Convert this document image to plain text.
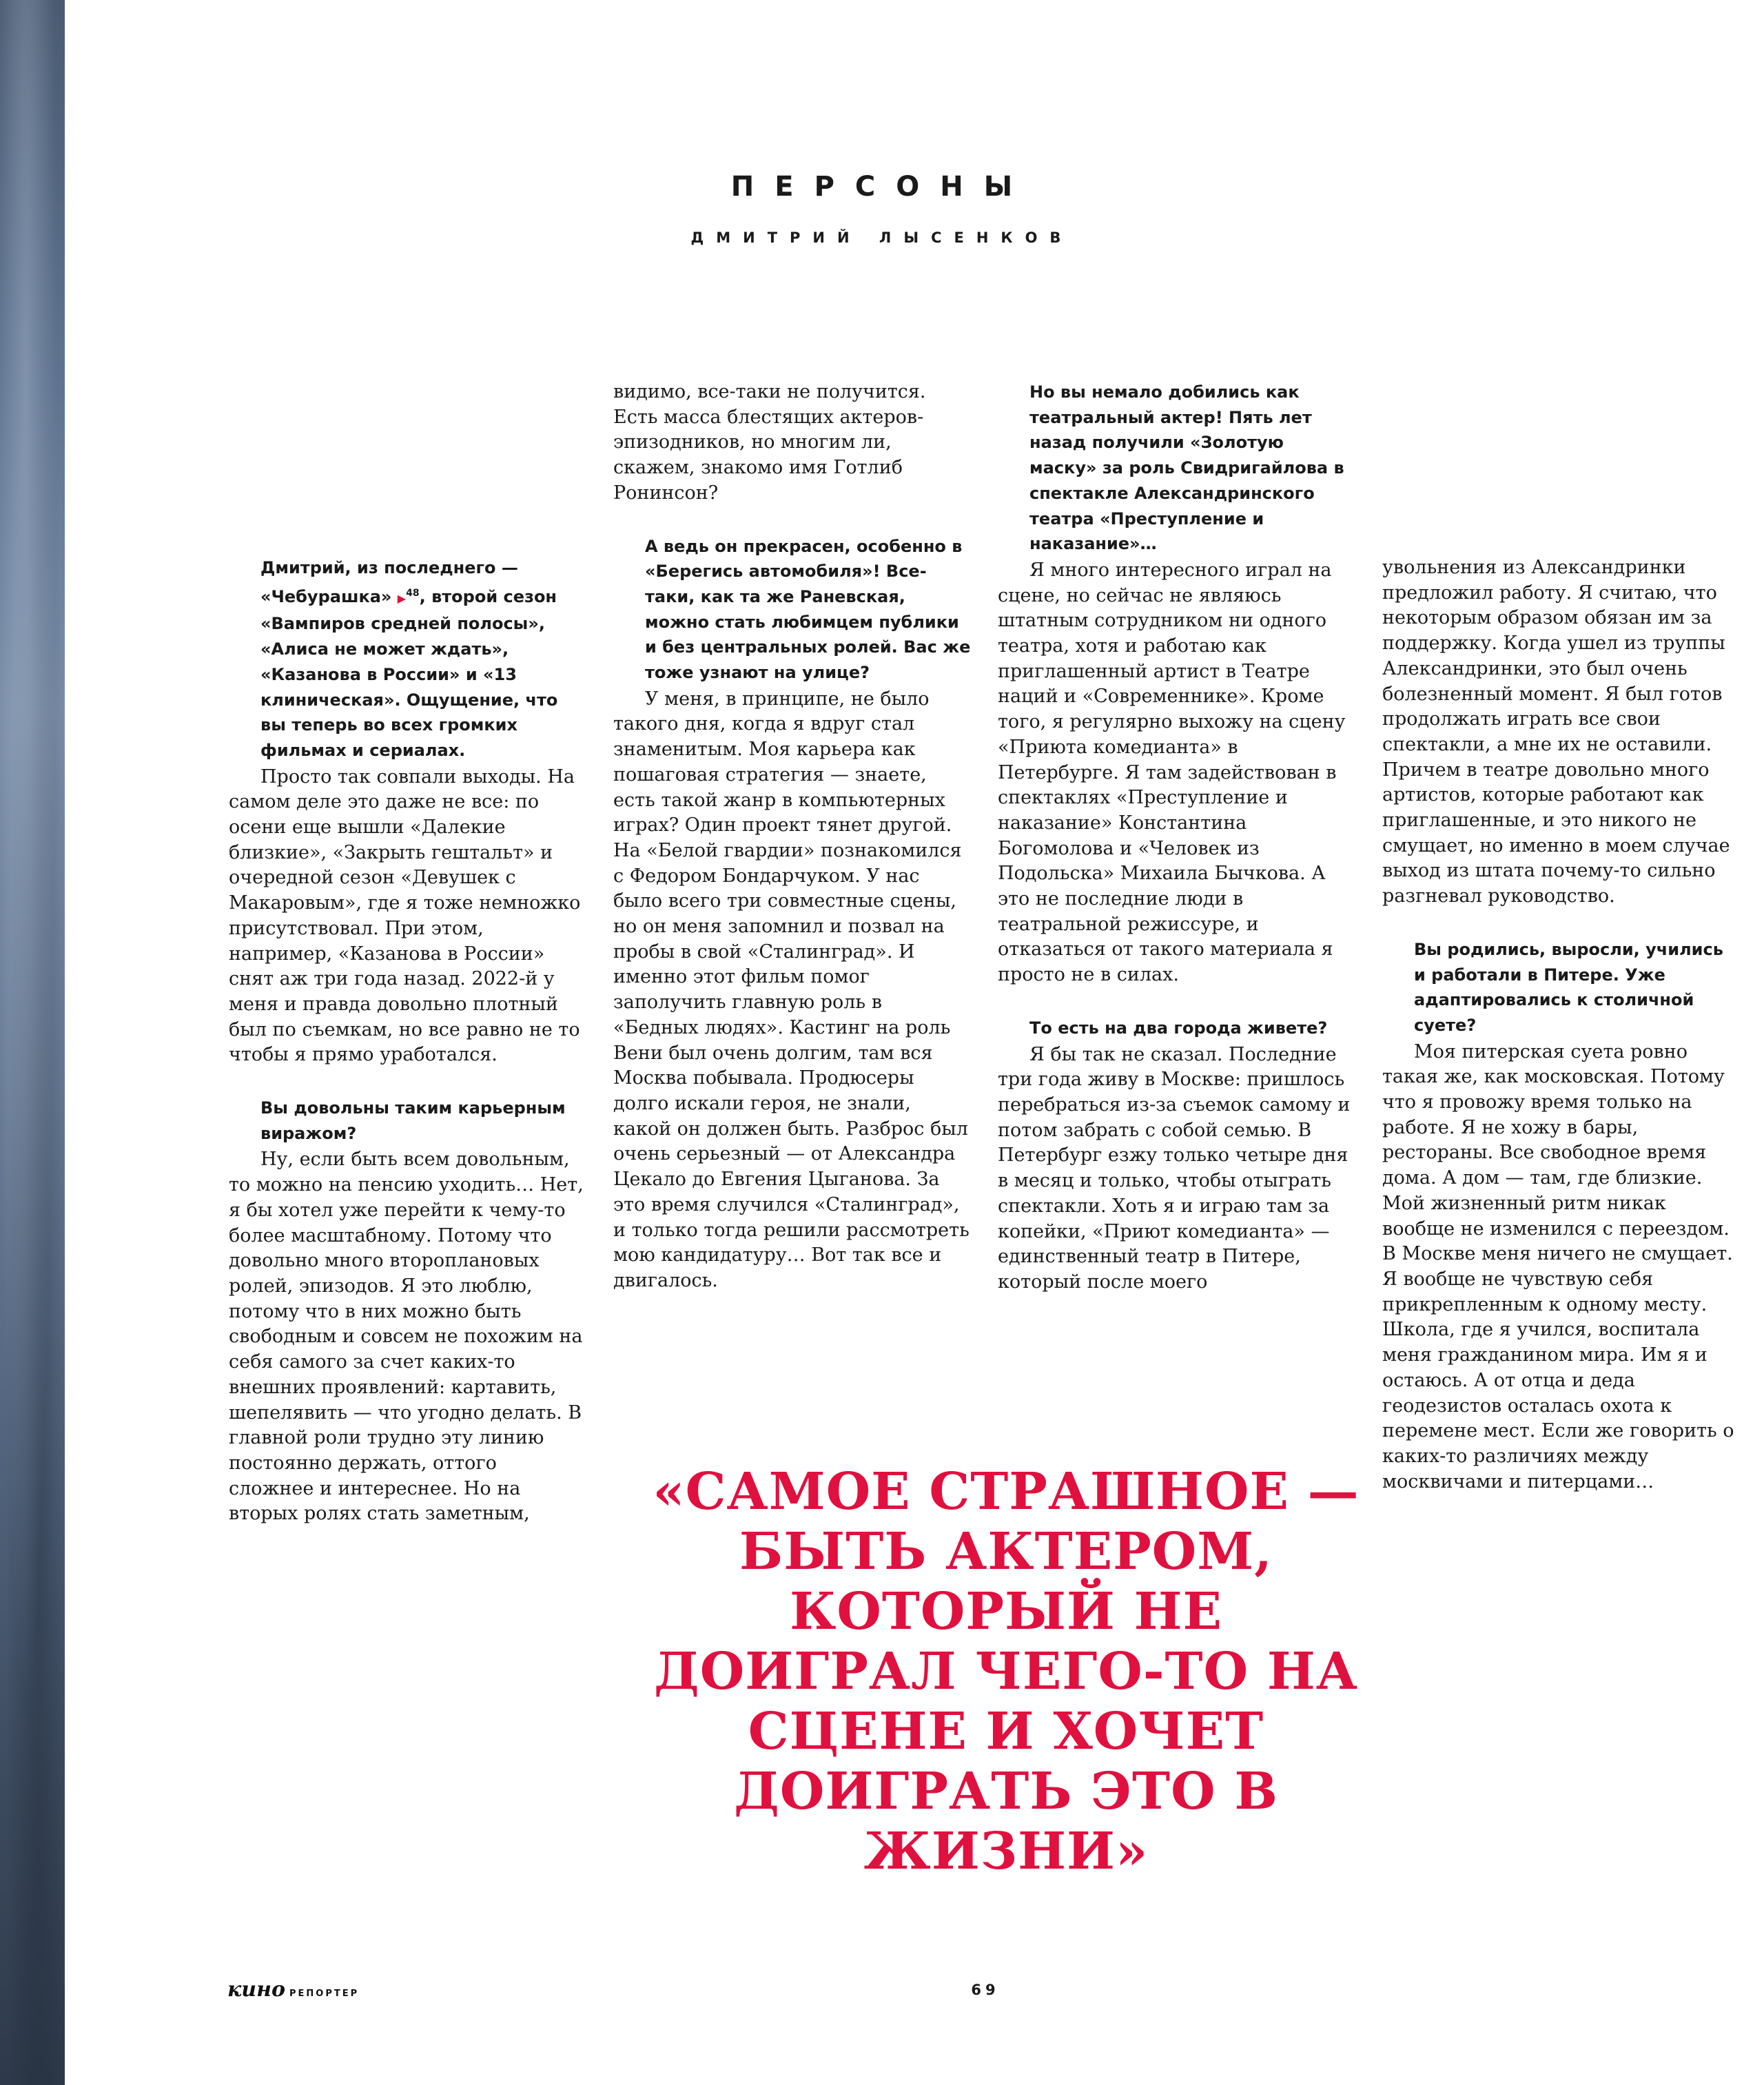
ПЕРСОНЫ
ДМИТРИЙ ЛЫСЕНКОВ

Дмитрий, из последнего — «Чебурашка» ▶$^{48}$, второй сезон «Вампиров средней полосы», «Алиса не может ждать», «Казанова в России» и «13 клиническая». Ощущение, что вы теперь во всех громких фильмах и сериалах.

Просто так совпали выходы. На самом деле это даже не все: по осени еще вышли «Далекие близкие», «Закрыть гештальт» и очередной сезон «Девушек с Макаровым», где я тоже немножко присутствовал. При этом, например, «Казанова в России» снят аж три года назад. 2022-й у меня и правда довольно плотный был по съемкам, но все равно не то чтобы я прямо уработался.

Вы довольны таким карьерным виражом?

Ну, если быть всем довольным, то можно на пенсию уходить… Нет, я бы хотел уже перейти к чему-то более масштабному. Потому что довольно много второплановых ролей, эпизодов. Я это люблю, потому что в них можно быть свободным и совсем не похожим на себя самого за счет каких-то внешних проявлений: картавить, шепелявить — что угодно делать. В главной роли трудно эту линию постоянно держать, оттого сложнее и интереснее. Но на вторых ролях стать заметным,

видимо, все-таки не получится. Есть масса блестящих актеров-эпизодников, но многим ли, скажем, знакомо имя Готлиб Ронинсон?

А ведь он прекрасен, особенно в «Берегись автомобиля»! Все-таки, как та же Раневская, можно стать любимцем публики и без центральных ролей. Вас же тоже узнают на улице?

У меня, в принципе, не было такого дня, когда я вдруг стал знаменитым. Моя карьера как пошаговая стратегия — знаете, есть такой жанр в компьютерных играх? Один проект тянет другой. На «Белой гвардии» познакомился с Федором Бондарчуком. У нас было всего три совместные сцены, но он меня запомнил и позвал на пробы в свой «Сталинград». И именно этот фильм помог заполучить главную роль в «Бедных людях». Кастинг на роль Вени был очень долгим, там вся Москва побывала. Продюсеры долго искали героя, не знали, какой он должен быть. Разброс был очень серьезный — от Александра Цекало до Евгения Цыганова. За это время случился «Сталинград», и только тогда решили рассмотреть мою кандидатуру… Вот так все и двигалось.

Но вы немало добились как театральный актер! Пять лет назад получили «Золотую маску» за роль Свидригайлова в спектакле Александринского театра «Преступление и наказание»…

Я много интересного играл на сцене, но сейчас не являюсь штатным сотрудником ни одного театра, хотя и работаю как приглашенный артист в Театре наций и «Современнике». Кроме того, я регулярно выхожу на сцену «Приюта комедианта» в Петербурге. Я там задействован в спектаклях «Преступление и наказание» Константина Богомолова и «Человек из Подольска» Михаила Бычкова. А это не последние люди в театральной режиссуре, и отказаться от такого материала я просто не в силах.

То есть на два города живете?

Я бы так не сказал. Последние три года живу в Москве: пришлось перебраться из-за съемок самому и потом забрать с собой семью. В Петербург езжу только четыре дня в месяц и только, чтобы отыграть спектакли. Хоть я и играю там за копейки, «Приют комедианта» — единственный театр в Питере, который после моего

увольнения из Александринки предложил работу. Я считаю, что некоторым образом обязан им за поддержку. Когда ушел из труппы Александринки, это был очень болезненный момент. Я был готов продолжать играть все свои спектакли, а мне их не оставили. Причем в театре довольно много артистов, которые работают как приглашенные, и это никого не смущает, но именно в моем случае выход из штата почему-то сильно разгневал руководство.

Вы родились, выросли, учились и работали в Питере. Уже адаптировались к столичной суете?

Моя питерская суета ровно такая же, как московская. Потому что я провожу время только на работе. Я не хожу в бары, рестораны. Все свободное время дома. А дом — там, где близкие. Мой жизненный ритм никак вообще не изменился с переездом. В Москве меня ничего не смущает. Я вообще не чувствую себя прикрепленным к одному месту. Школа, где я учился, воспитала меня гражданином мира. Им я и остаюсь. А от отца и деда геодезистов осталась охота к перемене мест. Если же говорить о каких-то различиях между москвичами и питерцами…

«САМОЕ СТРАШНОЕ — БЫТЬ АКТЕРОМ, КОТОРЫЙ НЕ ДОИГРАЛ ЧЕГО-ТО НА СЦЕНЕ И ХОЧЕТ ДОИГРАТЬ ЭТО В ЖИЗНИ»
кино РЕПОРТЕР	69
